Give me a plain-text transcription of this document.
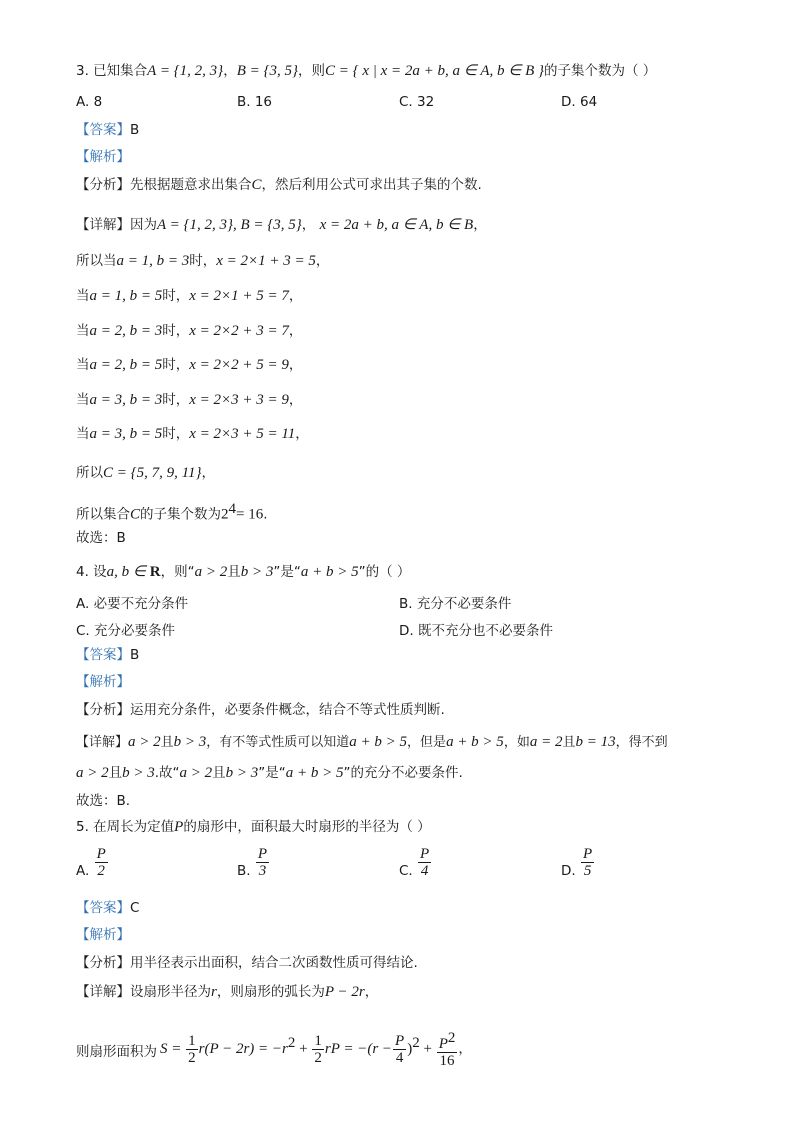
3. 已知集合A = {1, 2, 3}，B = {3, 5}，则C = { x | x = 2a + b, a ∈ A, b ∈ B }的子集个数为（ ）
A. 8	B. 16	C. 32	D. 64
【答案】B
【解析】
【分析】先根据题意求出集合C，然后利用公式可求出其子集的个数.
【详解】因为A = {1, 2, 3}, B = {3, 5}， x = 2a + b, a ∈ A, b ∈ B，
所以当a = 1, b = 3时，x = 2×1 + 3 = 5，
当a = 1, b = 5时，x = 2×1 + 5 = 7，
当a = 2, b = 3时，x = 2×2 + 3 = 7，
当a = 2, b = 5时，x = 2×2 + 5 = 9，
当a = 3, b = 3时，x = 2×3 + 3 = 9，
当a = 3, b = 5时，x = 2×3 + 5 = 11，
所以C = {5, 7, 9, 11}，
所以集合C的子集个数为$2^4= 16$.
故选：B
4. 设a, b ∈ R，则“a > 2且b > 3”是“a + b > 5”的（ ）
A. 必要不充分条件	B. 充分不必要条件
C. 充分必要条件	D. 既不充分也不必要条件
【答案】B
【解析】
【分析】运用充分条件，必要条件概念，结合不等式性质判断.
【详解】a > 2且b > 3，有不等式性质可以知道a + b > 5，但是a + b > 5，如a = 2且b = 13，得不到
a > 2且b > 3.故“a > 2且b > 3”是“a + b > 5”的充分不必要条件.
故选：B.
5. 在周长为定值P的扇形中，面积最大时扇形的半径为（ ）
A. $\frac{P}{2}$	B. $\frac{P}{3}$	C. $\frac{P}{4}$	D. $\frac{P}{5}$
【答案】C
【解析】
【分析】用半径表示出面积，结合二次函数性质可得结论.
【详解】设扇形半径为r，则扇形的弧长为P − 2r，
则扇形面积为 $S = \frac{1}{2} r(P - 2r) = -r^2 + \frac{1}{2}$ rP = $-(r - \frac{P}{4} )^2 + \frac{P^2}{16}$ ，
